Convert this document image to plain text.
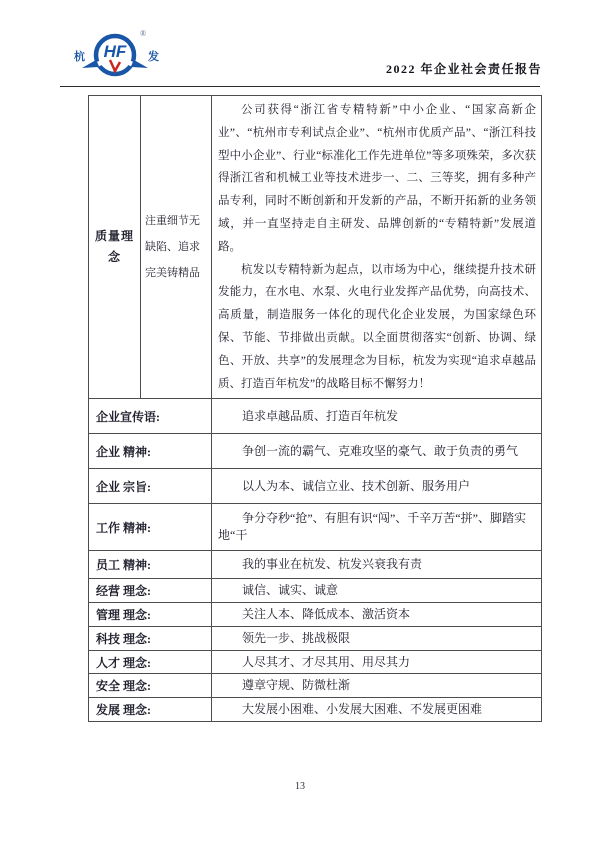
HF
杭	发
®
2022 年企业社会责任报告
质量理念	注重细节无缺陷、追求完美铸精品	公司获得“浙江省专精特新”中小企业、“国家高新企业”、“杭州市专利试点企业”、“杭州市优质产品”、“浙江科技型中小企业”、行业“标准化工作先进单位”等多项殊荣，多次获得浙江省和机械工业等技术进步一、二、三等奖，拥有多种产品专利，同时不断创新和开发新的产品，不断开拓新的业务领域，并一直坚持走自主研发、品牌创新的“专精特新”发展道路。

杭发以专精特新为起点，以市场为中心，继续提升技术研发能力，在水电、水泵、火电行业发挥产品优势，向高技术、高质量，制造服务一体化的现代化企业发展，为国家绿色环保、节能、节排做出贡献。以全面贯彻落实“创新、协调、绿色、开放、共享”的发展理念为目标，杭发为实现“追求卓越品质、打造百年杭发”的战略目标不懈努力！

企业宣传语:		追求卓越品质、打造百年杭发
企业 精神:		争创一流的霸气、克难攻坚的豪气、敢于负责的勇气
企业 宗旨:		以人为本、诚信立业、技术创新、服务用户
工作 精神:		争分夺秒“抢”、有胆有识“闯”、千辛万苦“拼”、脚踏实地“干
员工 精神:		我的事业在杭发、杭发兴衰我有责
经营 理念:		诚信、诚实、诚意
管理 理念:		关注人本、降低成本、激活资本
科技 理念:		领先一步、挑战极限
人才 理念:		人尽其才、才尽其用、用尽其力
安全 理念:		遵章守规、防微杜渐
发展 理念:		大发展小困难、小发展大困难、不发展更困难
13
